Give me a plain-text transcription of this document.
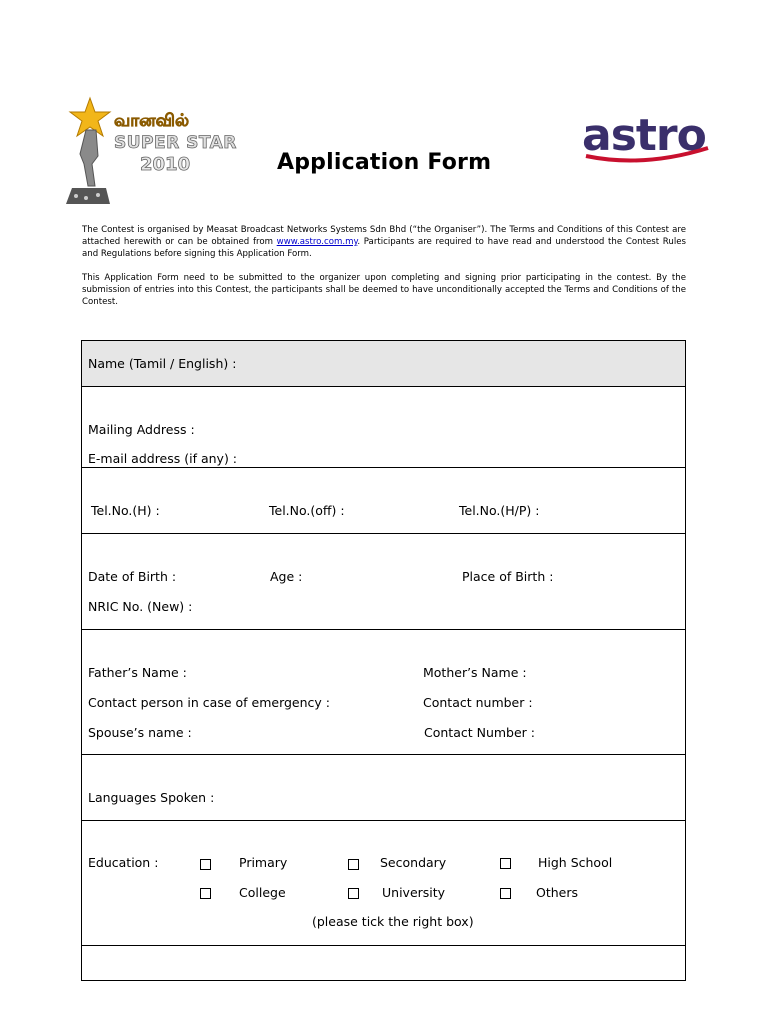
வானவில்
SUPER STAR
2010
astro
Application Form
The Contest is organised by Measat Broadcast Networks Systems Sdn Bhd (“the Organiser”). The Terms and Conditions of this Contest are attached herewith or can be obtained from www.astro.com.my. Participants are required to have read and understood the Contest Rules and Regulations before signing this Application Form.
This Application Form need to be submitted to the organizer upon completing and signing prior participating in the contest. By the submission of entries into this Contest, the participants shall be deemed to have unconditionally accepted the Terms and Conditions of the Contest.
Name (Tamil / English) :
Mailing Address :
E-mail address (if any) :
Tel.No.(H) :	Tel.No.(off) :	Tel.No.(H/P) :
Date of Birth :	Age :	Place of Birth :
NRIC No. (New) :
Father’s Name :	Mother’s Name :
Contact person in case of emergency :	Contact number :
Spouse’s name :	Contact Number :
Languages Spoken :
Education :	Primary	Secondary	High School
College	University	Others
(please tick the right box)
